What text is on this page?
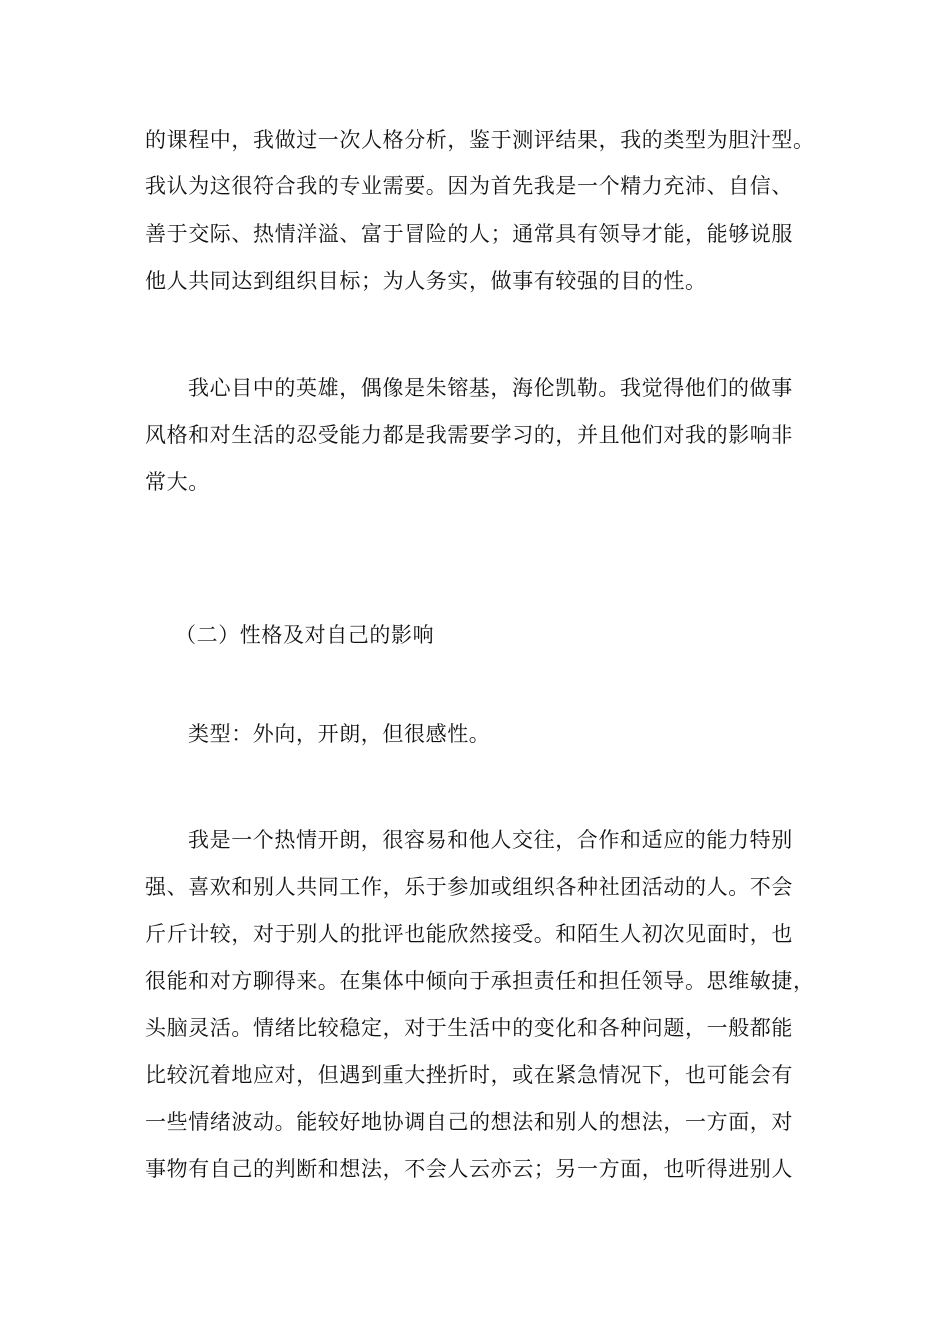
的课程中，我做过一次人格分析，鉴于测评结果，我的类型为胆汁型。
我认为这很符合我的专业需要。因为首先我是一个精力充沛、自信、
善于交际、热情洋溢、富于冒险的人；通常具有领导才能，能够说服
他人共同达到组织目标；为人务实，做事有较强的目的性。
我心目中的英雄，偶像是朱镕基，海伦凯勒。我觉得他们的做事
风格和对生活的忍受能力都是我需要学习的，并且他们对我的影响非
常大。
（二）性格及对自己的影响
类型：外向，开朗，但很感性。
我是一个热情开朗，很容易和他人交往，合作和适应的能力特别
强、喜欢和别人共同工作，乐于参加或组织各种社团活动的人。不会
斤斤计较，对于别人的批评也能欣然接受。和陌生人初次见面时，也
很能和对方聊得来。在集体中倾向于承担责任和担任领导。思维敏捷，
头脑灵活。情绪比较稳定，对于生活中的变化和各种问题，一般都能
比较沉着地应对，但遇到重大挫折时，或在紧急情况下，也可能会有
一些情绪波动。能较好地协调自己的想法和别人的想法，一方面，对
事物有自己的判断和想法，不会人云亦云；另一方面，也听得进别人
